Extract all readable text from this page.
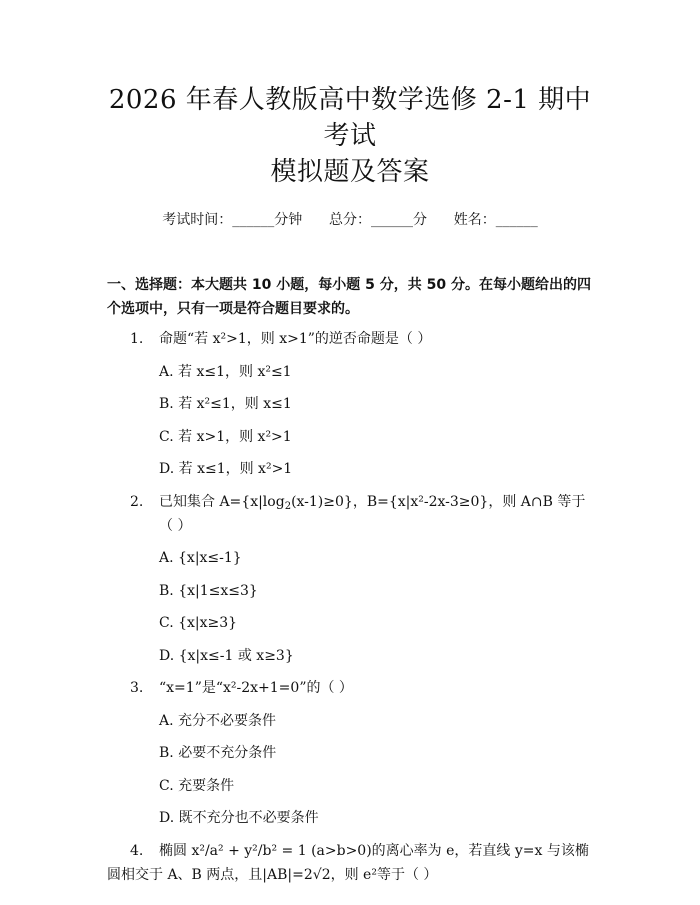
2026 年春人教版高中数学选修 2-1 期中考试
模拟题及答案
考试时间：______分钟      总分：______分      姓名：______
一、选择题：本大题共 10 小题，每小题 5 分，共 50 分。在每小题给出的四个选项中，只有一项是符合题目要求的。
1. 命题“若 x²>1，则 x>1”的逆否命题是（ ）
A. 若 x≤1，则 x²≤1
B. 若 x²≤1，则 x≤1
C. 若 x>1，则 x²>1
D. 若 x≤1，则 x²>1
2. 已知集合 $A=\{x|\log_2(x-1)\ge 0\}$，B={x|x²-2x-3≥0}，则 A∩B 等于（ ）
A. {x|x≤-1}
B. {x|1≤x≤3}
C. {x|x≥3}
D. {x|x≤-1 或 x≥3}
3. “x=1”是“x²-2x+1=0”的（ ）
A. 充分不必要条件
B. 必要不充分条件
C. 充要条件
D. 既不充分也不必要条件
4. 椭圆 x²/a² + y²/b² = 1 (a>b>0)的离心率为 e，若直线 y=x 与该椭圆相交于 A、B 两点，且|AB|=2√2，则 e²等于（ ）
